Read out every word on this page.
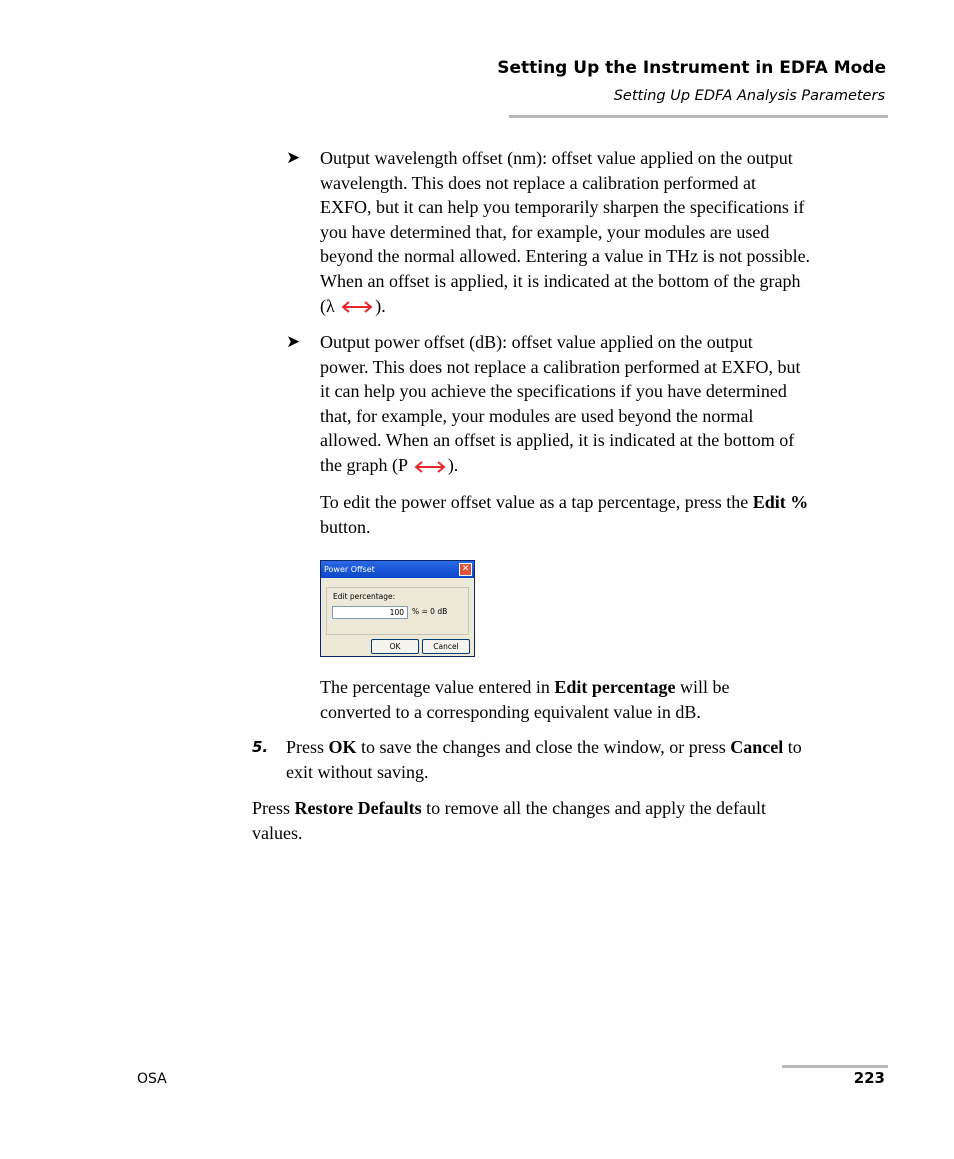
Setting Up the Instrument in EDFA Mode
Setting Up EDFA Analysis Parameters
➤ Output wavelength offset (nm): offset value applied on the output
wavelength. This does not replace a calibration performed at
EXFO, but it can help you temporarily sharpen the specifications if
you have determined that, for example, your modules are used
beyond the normal allowed. Entering a value in THz is not possible.
When an offset is applied, it is indicated at the bottom of the graph
(λ ).
➤ Output power offset (dB): offset value applied on the output
power. This does not replace a calibration performed at EXFO, but
it can help you achieve the specifications if you have determined
that, for example, your modules are used beyond the normal
allowed. When an offset is applied, it is indicated at the bottom of
the graph (P ).
To edit the power offset value as a tap percentage, press the Edit %
button.
Power Offset	✕
Edit percentage:
100	% = 0 dB
OK	Cancel
The percentage value entered in Edit percentage will be
converted to a corresponding equivalent value in dB.
5. Press OK to save the changes and close the window, or press Cancel to
exit without saving.
Press Restore Defaults to remove all the changes and apply the default
values.
OSA	223
